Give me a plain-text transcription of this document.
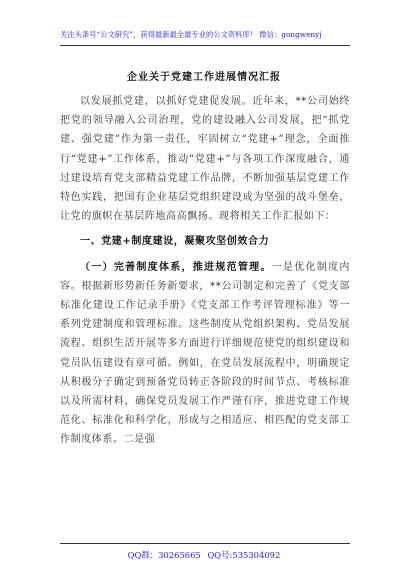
关注头条号“公文研究”，获得最新最全最专业的公文资料库！ 微信：gongwenyj
企业关于党建工作进展情况汇报

以发展抓党建，以抓好党建促发展。近年来，**公司始终把党的领导融入公司治理，党的建设融入公司发展，把“抓党建、强党建”作为第一责任，牢固树立“党建+”理念，全面推行“党建+”工作体系，推动“党建+”与各项工作深度融合，通过建设培育党支部精益党建工作品牌，不断加强基层党建工作特色实践，把国有企业基层党组织建设成为坚强的战斗堡垒，让党的旗帜在基层阵地高高飘扬。现将相关工作汇报如下：

一、党建+制度建设，凝聚攻坚创效合力

（一）完善制度体系，推进规范管理。一是优化制度内容。根据新形势新任务新要求，**公司制定和完善了《党支部标准化建设工作记录手册》《党支部工作考评管理标准》等一系列党建制度和管理标准。这些制度从党组织架构、党员发展流程、组织生活开展等多方面进行详细规范使党的组织建设和党员队伍建设有章可循。例如，在党员发展流程中，明确规定从积极分子确定到预备党员转正各阶段的时间节点、考核标准以及所需材料，确保党员发展工作严谨有序，推进党建工作规范化、标准化和科学化，形成与之相适应、相匹配的党支部工作制度体系。二是强

QQ群：30265665 QQ号:535304092
